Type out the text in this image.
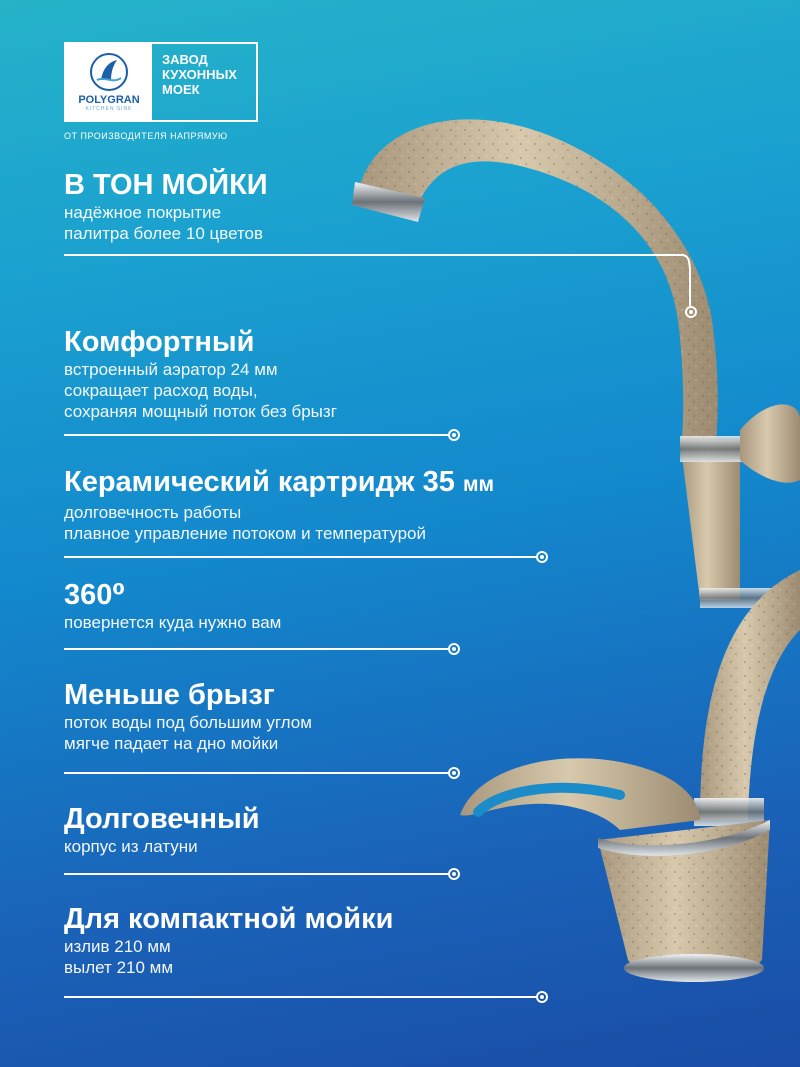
POLYGRAN
KITCHEN SINK
ЗАВОД
КУХОННЫХ
МОЕК
ОТ ПРОИЗВОДИТЕЛЯ НАПРЯМУЮ
В ТОН МОЙКИ

надёжное покрытие

палитра более 10 цветов

Комфортный

встроенный аэратор 24 мм

сокращает расход воды,

сохраняя мощный поток без брызг

Керамический картридж 35 мм

долговечность работы

плавное управление потоком и температурой

360⁰

повернется куда нужно вам

Меньше брызг

поток воды под большим углом

мягче падает на дно мойки

Долговечный

корпус из латуни

Для компактной мойки

излив 210 мм

вылет 210 мм
